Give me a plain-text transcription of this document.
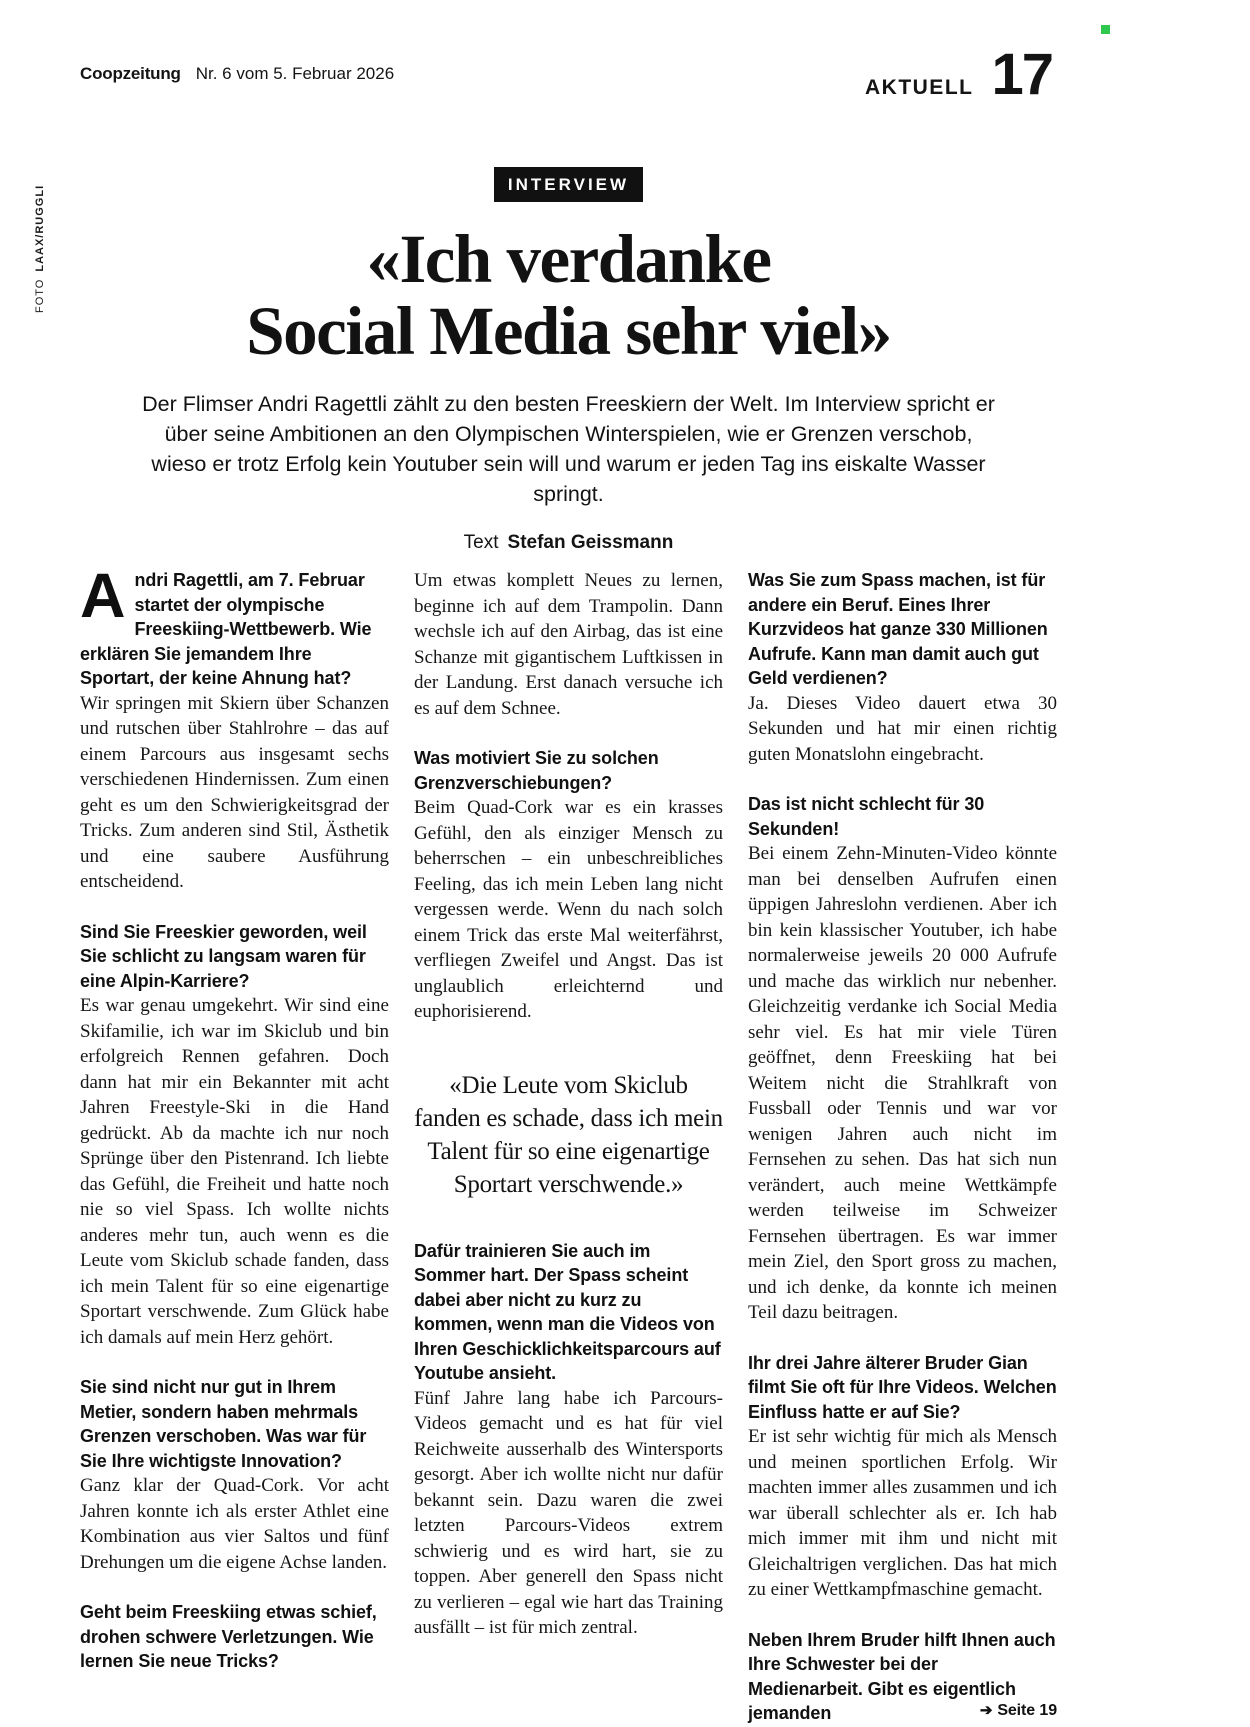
Coopzeitung Nr. 6 vom 5. Februar 2026
AKTUELL 17
FOTOLAAX/RUGGLI
INTERVIEW
«Ich verdanke
Social Media sehr viel»

Der Flimser Andri Ragettli zählt zu den besten Freeskiern der Welt. Im Interview spricht er über seine Ambitionen an den Olympischen Winterspielen, wie er Grenzen verschob, wieso er trotz Erfolg kein Youtuber sein will und warum er jeden Tag ins eiskalte Wasser springt.

Text Stefan Geissmann

Andri Ragettli, am 7. Februar startet der olympische Freeskiing-Wettbewerb. Wie erklären Sie jemandem Ihre Sportart, der keine Ahnung hat?

Wir springen mit Skiern über Schanzen und rutschen über Stahlrohre – das auf einem Parcours aus insgesamt sechs verschiedenen Hindernissen. Zum einen geht es um den Schwierigkeitsgrad der Tricks. Zum anderen sind Stil, Ästhetik und eine saubere Ausführung entscheidend.

Sind Sie Freeskier geworden, weil Sie schlicht zu langsam waren für eine Alpin-Karriere?

Es war genau umgekehrt. Wir sind eine Skifamilie, ich war im Skiclub und bin erfolgreich Rennen gefahren. Doch dann hat mir ein Bekannter mit acht Jahren Freestyle-Ski in die Hand gedrückt. Ab da machte ich nur noch Sprünge über den Pistenrand. Ich liebte das Gefühl, die Freiheit und hatte noch nie so viel Spass. Ich wollte nichts anderes mehr tun, auch wenn es die Leute vom Skiclub schade fanden, dass ich mein Talent für so eine eigenartige Sportart verschwende. Zum Glück habe ich damals auf mein Herz gehört.

Sie sind nicht nur gut in Ihrem Metier, sondern haben mehrmals Grenzen verschoben. Was war für Sie Ihre wichtigste Innovation?

Ganz klar der Quad-Cork. Vor acht Jahren konnte ich als erster Athlet eine Kombination aus vier Saltos und fünf Drehungen um die eigene Achse landen.

Geht beim Freeskiing etwas schief, drohen schwere Verletzungen. Wie lernen Sie neue Tricks?

Um etwas komplett Neues zu lernen, beginne ich auf dem Trampolin. Dann wechsle ich auf den Airbag, das ist eine Schanze mit gigantischem Luftkissen in der Landung. Erst danach versuche ich es auf dem Schnee.

Was motiviert Sie zu solchen Grenzverschiebungen?

Beim Quad-Cork war es ein krasses Gefühl, den als einziger Mensch zu beherrschen – ein unbeschreibliches Feeling, das ich mein Leben lang nicht vergessen werde. Wenn du nach solch einem Trick das erste Mal weiterfährst, verfliegen Zweifel und Angst. Das ist unglaublich erleichternd und euphorisierend.

«Die Leute vom Skiclub fanden es schade, dass ich mein Talent für so eine eigenartige Sportart verschwende.»

Dafür trainieren Sie auch im Sommer hart. Der Spass scheint dabei aber nicht zu kurz zu kommen, wenn man die Videos von Ihren Geschicklichkeitsparcours auf Youtube ansieht.

Fünf Jahre lang habe ich Parcours-Videos gemacht und es hat für viel Reichweite ausserhalb des Wintersports gesorgt. Aber ich wollte nicht nur dafür bekannt sein. Dazu waren die zwei letzten Parcours-Videos extrem schwierig und es wird hart, sie zu toppen. Aber generell den Spass nicht zu verlieren – egal wie hart das Training ausfällt – ist für mich zentral.

Was Sie zum Spass machen, ist für andere ein Beruf. Eines Ihrer Kurzvideos hat ganze 330 Millionen Aufrufe. Kann man damit auch gut Geld verdienen?

Ja. Dieses Video dauert etwa 30 Sekunden und hat mir einen richtig guten Monatslohn eingebracht.

Das ist nicht schlecht für 30 Sekunden!

Bei einem Zehn-Minuten-Video könnte man bei denselben Aufrufen einen üppigen Jahreslohn verdienen. Aber ich bin kein klassischer Youtuber, ich habe normalerweise jeweils 20 000 Aufrufe und mache das wirklich nur nebenher. Gleichzeitig verdanke ich Social Media sehr viel. Es hat mir viele Türen geöffnet, denn Freeskiing hat bei Weitem nicht die Strahlkraft von Fussball oder Tennis und war vor wenigen Jahren auch nicht im Fernsehen zu sehen. Das hat sich nun verändert, auch meine Wettkämpfe werden teilweise im Schweizer Fernsehen übertragen. Es war immer mein Ziel, den Sport gross zu machen, und ich denke, da konnte ich meinen Teil dazu beitragen.

Ihr drei Jahre älterer Bruder Gian filmt Sie oft für Ihre Videos. Welchen Einfluss hatte er auf Sie?

Er ist sehr wichtig für mich als Mensch und meinen sportlichen Erfolg. Wir machten immer alles zusammen und ich war überall schlechter als er. Ich hab mich immer mit ihm und nicht mit Gleichaltrigen verglichen. Das hat mich zu einer Wettkampfmaschine gemacht.

Neben Ihrem Bruder hilft Ihnen auch Ihre Schwester bei der Medienarbeit. Gibt es eigentlich jemanden	➔ Seite 19
